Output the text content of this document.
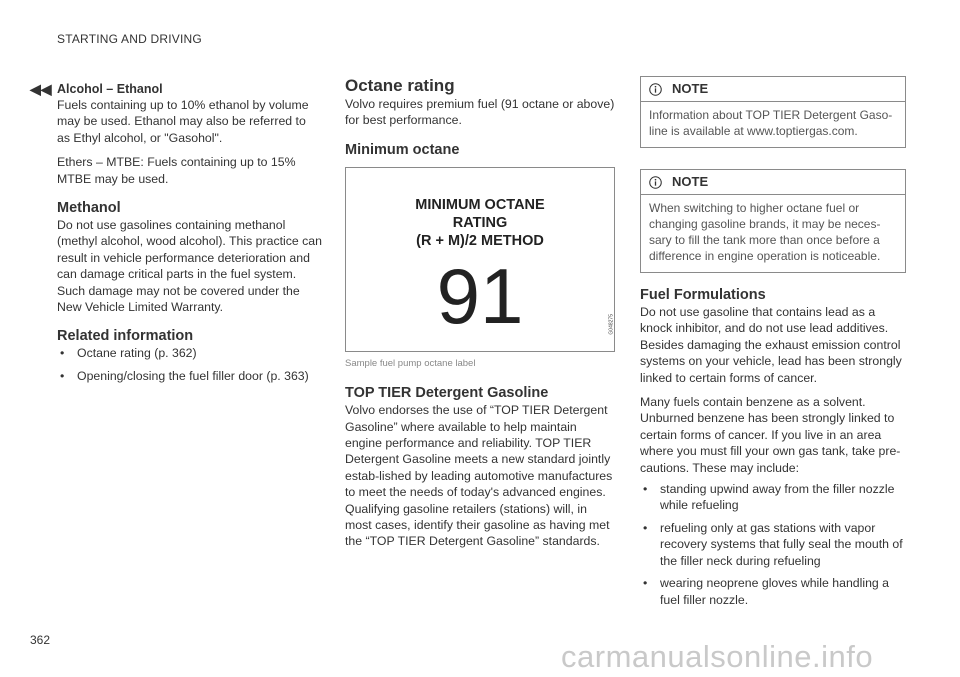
STARTING AND DRIVING
◀◀ Alcohol – Ethanol

Fuels containing up to 10% ethanol by volume may be used. Ethanol may also be referred to as Ethyl alcohol, or "Gasohol".

Ethers – MTBE: Fuels containing up to 15% MTBE may be used.

Methanol

Do not use gasolines containing methanol (methyl alcohol, wood alcohol). This practice can result in vehicle performance deterioration and can damage critical parts in the fuel system. Such damage may not be covered under the New Vehicle Limited Warranty.

Related information
• Octane rating (p. 362)
• Opening/closing the fuel filler door (p. 363)
Octane rating

Volvo requires premium fuel (91 octane or above) for best performance.

Minimum octane
MINIMUM OCTANE
RATING
(R + M)/2 METHOD
91	G048275
Sample fuel pump octane label
TOP TIER Detergent Gasoline

Volvo endorses the use of “TOP TIER Detergent Gasoline” where available to help maintain engine performance and reliability. TOP TIER Detergent Gasoline meets a new standard jointly estab-lished by leading automotive manufactures to meet the needs of today's advanced engines. Qualifying gasoline retailers (stations) will, in most cases, identify their gasoline as having met the “TOP TIER Detergent Gasoline” standards.

NOTE
Information about TOP TIER Detergent Gaso-line is available at www.toptiergas.com.
NOTE
When switching to higher octane fuel or changing gasoline brands, it may be neces-sary to fill the tank more than once before a difference in engine operation is noticeable.
Fuel Formulations

Do not use gasoline that contains lead as a knock inhibitor, and do not use lead additives. Besides damaging the exhaust emission control systems on your vehicle, lead has been strongly linked to certain forms of cancer.

Many fuels contain benzene as a solvent. Unburned benzene has been strongly linked to certain forms of cancer. If you live in an area where you must fill your own gas tank, take pre-cautions. These may include:

• standing upwind away from the filler nozzle while refueling
• refueling only at gas stations with vapor recovery systems that fully seal the mouth of the filler neck during refueling
• wearing neoprene gloves while handling a fuel filler nozzle.
362	carmanualsonline.info
